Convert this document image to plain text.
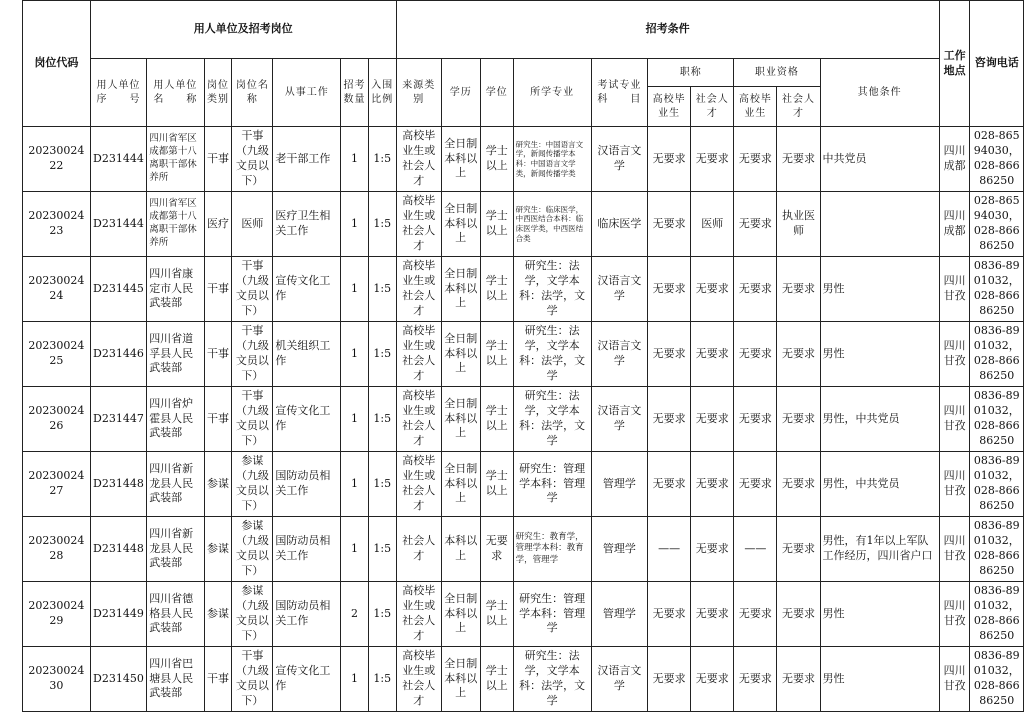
岗位代码	用人单位及招考岗位							招考条件										工作地点	咨询电话
	用人单位序　　号	用人单位名　　称	岗位类别	岗位名称	从事工作	招考数量	入围比例	来源类别	学历	学位	所学专业	考试专业科　　目	职称		职业资格		其他条件		
													高校毕业生	社会人才	高校毕业生	社会人才			
2023002422	D231444	四川省军区成都第十八离职干部休养所	干事	干事（九级文员以下）	老干部工作	1	1:5	高校毕业生或社会人才	全日制本科以上	学士以上	研究生：中国语言文学，新闻传播学本科：中国语言文学类，新闻传播学类	汉语言文学	无要求	无要求	无要求	无要求	中共党员	四川成都	028-86594030，028-86686250
2023002423	D231444	四川省军区成都第十八离职干部休养所	医疗	医师	医疗卫生相关工作	1	1:5	高校毕业生或社会人才	全日制本科以上	学士以上	研究生：临床医学，中西医结合本科：临床医学类，中西医结合类	临床医学	无要求	医师	无要求	执业医师		四川成都	028-86594030，028-86686250
2023002424	D231445	四川省康定市人民武装部	干事	干事（九级文员以下）	宣传文化工作	1	1:5	高校毕业生或社会人才	全日制本科以上	学士以上	研究生：法学，文学本科：法学，文学	汉语言文学	无要求	无要求	无要求	无要求	男性	四川甘孜	0836-8901032，028-86686250
2023002425	D231446	四川省道孚县人民武装部	干事	干事（九级文员以下）	机关组织工作	1	1:5	高校毕业生或社会人才	全日制本科以上	学士以上	研究生：法学，文学本科：法学，文学	汉语言文学	无要求	无要求	无要求	无要求	男性	四川甘孜	0836-8901032，028-86686250
2023002426	D231447	四川省炉霍县人民武装部	干事	干事（九级文员以下）	宣传文化工作	1	1:5	高校毕业生或社会人才	全日制本科以上	学士以上	研究生：法学，文学本科：法学，文学	汉语言文学	无要求	无要求	无要求	无要求	男性，中共党员	四川甘孜	0836-8901032，028-86686250
2023002427	D231448	四川省新龙县人民武装部	参谋	参谋（九级文员以下）	国防动员相关工作	1	1:5	高校毕业生或社会人才	全日制本科以上	学士以上	研究生：管理学本科：管理学	管理学	无要求	无要求	无要求	无要求	男性，中共党员	四川甘孜	0836-8901032，028-86686250
2023002428	D231448	四川省新龙县人民武装部	参谋	参谋（九级文员以下）	国防动员相关工作	1	1:5	社会人才	本科以上	无要求	研究生：教育学，管理学本科：教育学，管理学	管理学	——	无要求	——	无要求	男性，有1年以上军队工作经历，四川省户口	四川甘孜	0836-8901032，028-86686250
2023002429	D231449	四川省德格县人民武装部	参谋	参谋（九级文员以下）	国防动员相关工作	2	1:5	高校毕业生或社会人才	全日制本科以上	学士以上	研究生：管理学本科：管理学	管理学	无要求	无要求	无要求	无要求	男性	四川甘孜	0836-8901032，028-86686250
2023002430	D231450	四川省巴塘县人民武装部	干事	干事（九级文员以下）	宣传文化工作	1	1:5	高校毕业生或社会人才	全日制本科以上	学士以上	研究生：法学，文学本科：法学，文学	汉语言文学	无要求	无要求	无要求	无要求	男性	四川甘孜	0836-8901032，028-86686250
